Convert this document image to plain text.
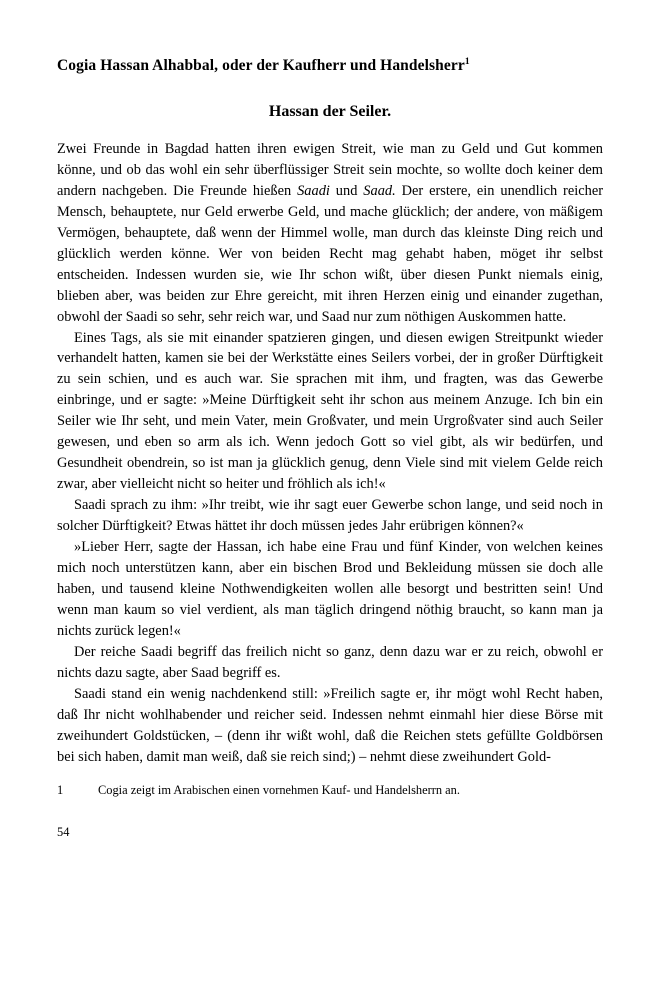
Cogia Hassan Alhabbal, oder der Kaufherr und Handelsherr$^1$
Hassan der Seiler.

Zwei Freunde in Bagdad hatten ihren ewigen Streit, wie man zu Geld und Gut kommen könne, und ob das wohl ein sehr überflüssiger Streit sein mochte, so wollte doch keiner dem andern nachgeben. Die Freunde hießen Saadi und Saad. Der erstere, ein unendlich reicher Mensch, behauptete, nur Geld erwerbe Geld, und mache glücklich; der andere, von mäßigem Vermögen, behauptete, daß wenn der Himmel wolle, man durch das kleinste Ding reich und glücklich werden könne. Wer von beiden Recht mag gehabt haben, möget ihr selbst entscheiden. Indessen wurden sie, wie Ihr schon wißt, über diesen Punkt niemals einig, blieben aber, was beiden zur Ehre gereicht, mit ihren Herzen einig und einander zugethan, obwohl der Saadi so sehr, sehr reich war, und Saad nur zum nöthigen Auskommen hatte.

Eines Tags, als sie mit einander spatzieren gingen, und diesen ewigen Streitpunkt wieder verhandelt hatten, kamen sie bei der Werkstätte eines Seilers vorbei, der in großer Dürftigkeit zu sein schien, und es auch war. Sie sprachen mit ihm, und fragten, was das Gewerbe einbringe, und er sagte: »Meine Dürftigkeit seht ihr schon aus meinem Anzuge. Ich bin ein Seiler wie Ihr seht, und mein Vater, mein Großvater, und mein Urgroßvater sind auch Seiler gewesen, und eben so arm als ich. Wenn jedoch Gott so viel gibt, als wir bedürfen, und Gesundheit obendrein, so ist man ja glücklich genug, denn Viele sind mit vielem Gelde reich zwar, aber vielleicht nicht so heiter und fröhlich als ich!«

Saadi sprach zu ihm: »Ihr treibt, wie ihr sagt euer Gewerbe schon lange, und seid noch in solcher Dürftigkeit? Etwas hättet ihr doch müssen jedes Jahr erübrigen können?«

»Lieber Herr, sagte der Hassan, ich habe eine Frau und fünf Kinder, von welchen keines mich noch unterstützen kann, aber ein bischen Brod und Bekleidung müssen sie doch alle haben, und tausend kleine Nothwendigkeiten wollen alle besorgt und bestritten sein! Und wenn man kaum so viel verdient, als man täglich dringend nöthig braucht, so kann man ja nichts zurück legen!«

Der reiche Saadi begriff das freilich nicht so ganz, denn dazu war er zu reich, obwohl er nichts dazu sagte, aber Saad begriff es.

Saadi stand ein wenig nachdenkend still: »Freilich sagte er, ihr mögt wohl Recht haben, daß Ihr nicht wohlhabender und reicher seid. Indessen nehmt einmahl hier diese Börse mit zweihundert Goldstücken, – (denn ihr wißt wohl, daß die Reichen stets gefüllte Goldbörsen bei sich haben, damit man weiß, daß sie reich sind;) – nehmt diese zweihundert Gold-

1	Cogia zeigt im Arabischen einen vornehmen Kauf- und Handelsherrn an.
54
